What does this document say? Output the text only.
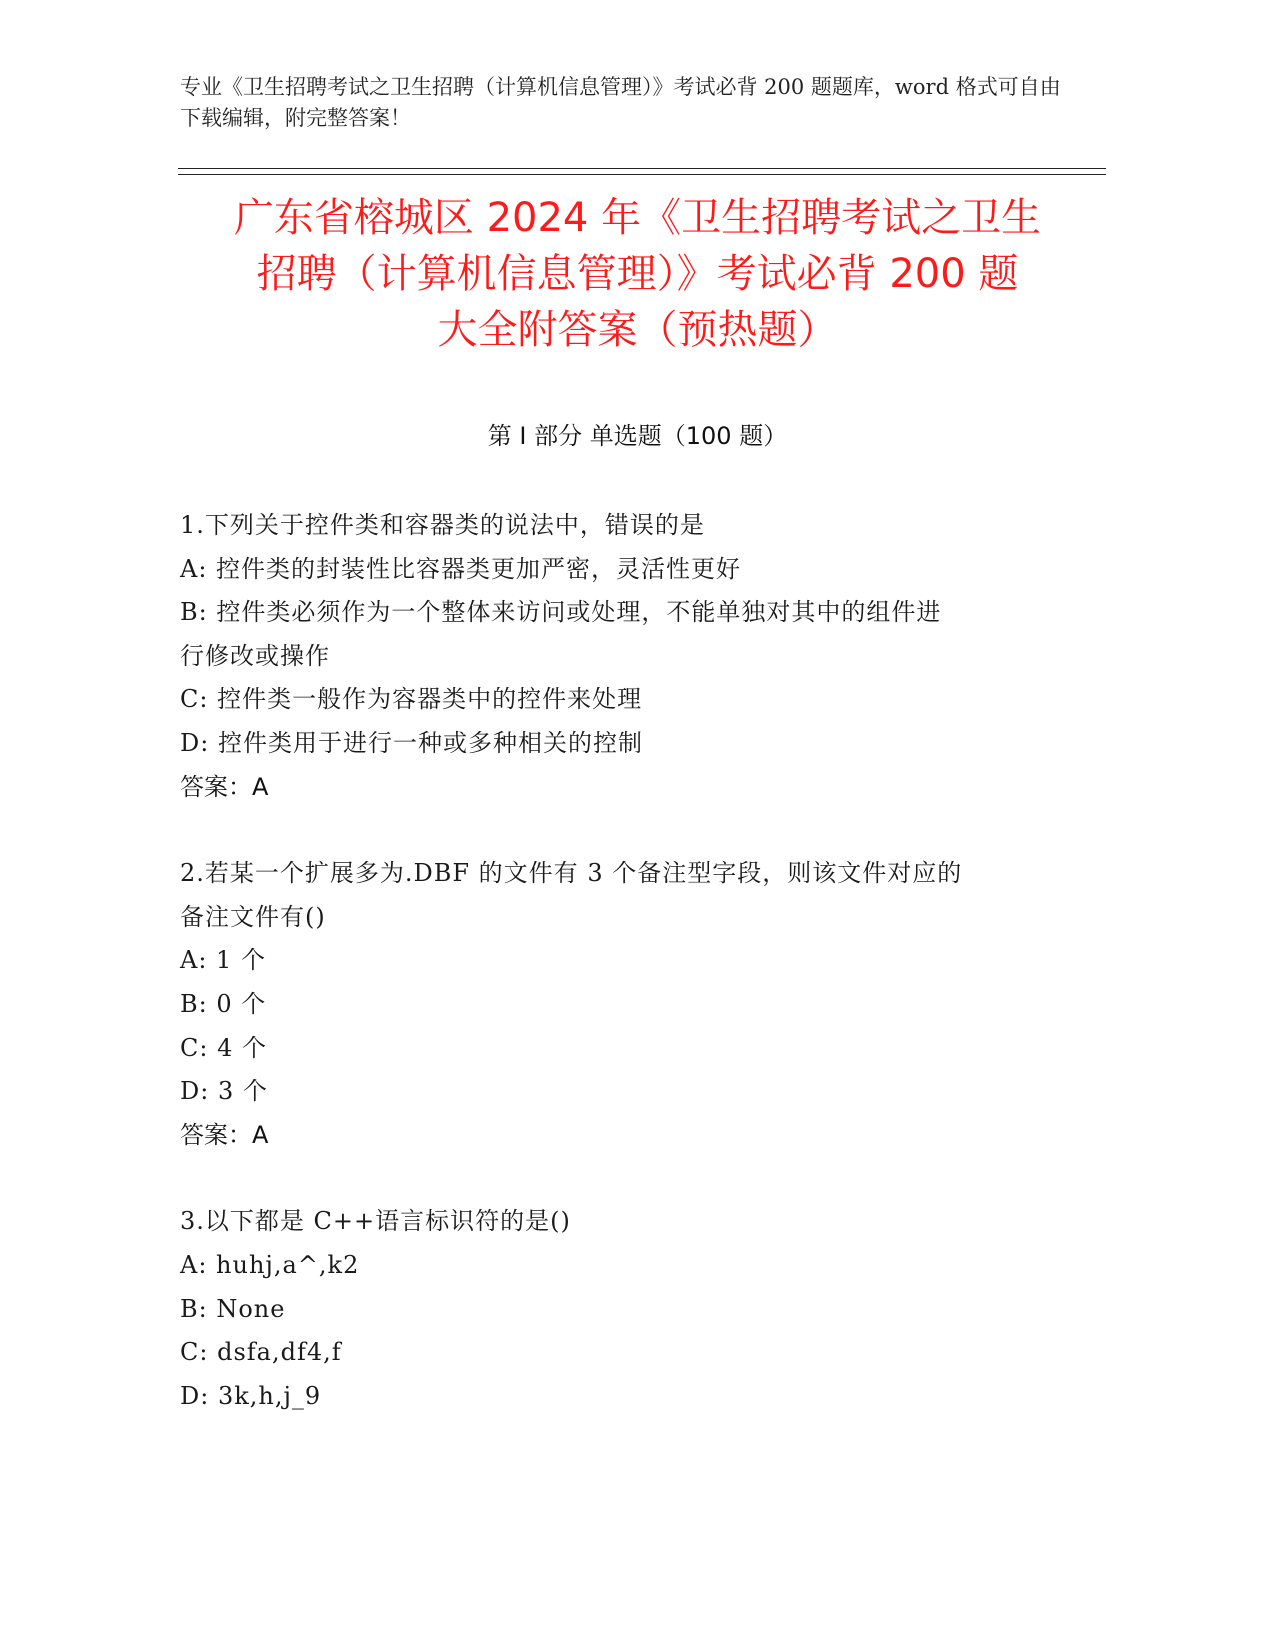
专业《卫生招聘考试之卫生招聘（计算机信息管理）》考试必背 200 题题库，word 格式可自由下载编辑，附完整答案！
广东省榕城区 2024 年《卫生招聘考试之卫生
招聘（计算机信息管理）》考试必背 200 题
大全附答案（预热题）
第 I 部分 单选题（100 题）
1.下列关于控件类和容器类的说法中，错误的是
A: 控件类的封装性比容器类更加严密，灵活性更好
B: 控件类必须作为一个整体来访问或处理，不能单独对其中的组件进
行修改或操作
C: 控件类一般作为容器类中的控件来处理
D: 控件类用于进行一种或多种相关的控制
答案：A
2.若某一个扩展多为.DBF 的文件有 3 个备注型字段，则该文件对应的
备注文件有()
A: 1 个
B: 0 个
C: 4 个
D: 3 个
答案：A
3.以下都是 C++语言标识符的是()
A: huhj,a^,k2
B: None
C: dsfa,df4,f
D: 3k,h,j_9
